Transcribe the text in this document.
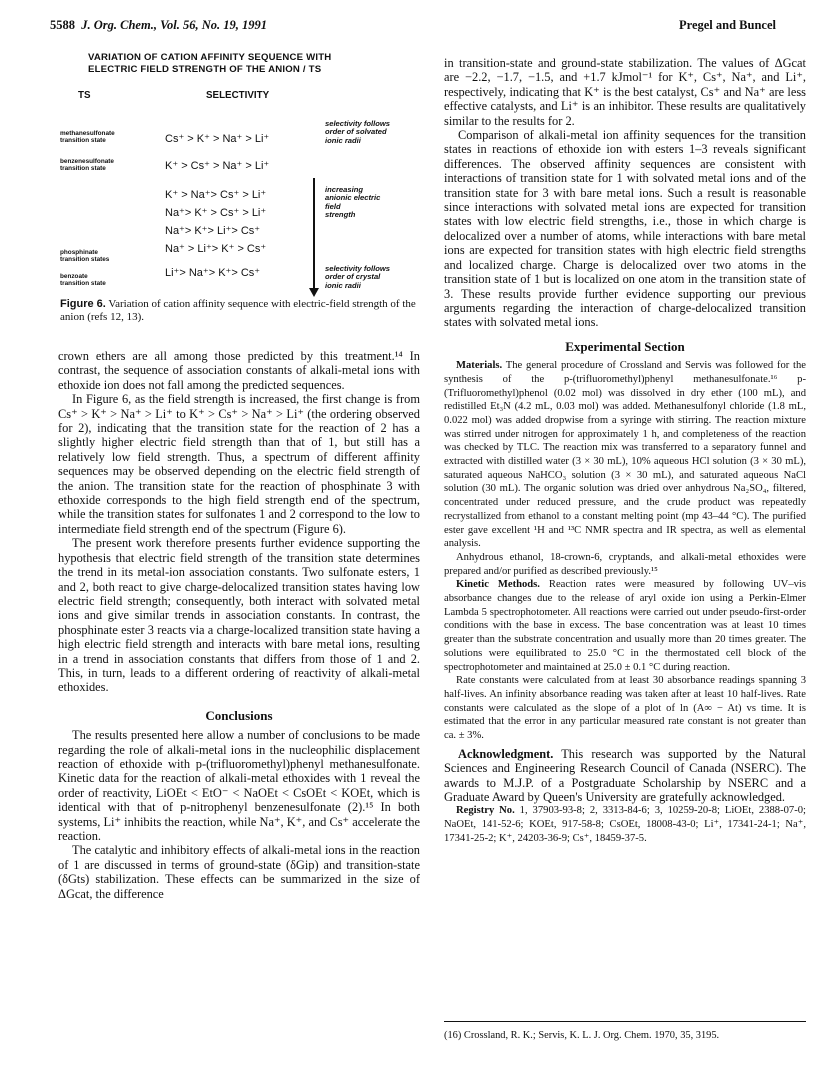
5588 J. Org. Chem., Vol. 56, No. 19, 1991	Pregel and Buncel
VARIATION OF CATION AFFINITY SEQUENCE WITH
ELECTRIC FIELD STRENGTH OF THE ANION / TS
TS	SELECTIVITY
methanesulfonate
transition state
benzenesulfonate
transition state
phosphinate
transition states
benzoate
transition state
Cs⁺ > K⁺ > Na⁺ > Li⁺
K⁺ > Cs⁺ > Na⁺ > Li⁺
K⁺ > Na⁺> Cs⁺ > Li⁺
Na⁺> K⁺ > Cs⁺ > Li⁺
Na⁺> K⁺> Li⁺> Cs⁺
Na⁺ > Li⁺> K⁺ > Cs⁺
Li⁺> Na⁺> K⁺> Cs⁺
selectivity follows
order of solvated
ionic radii
increasing
anionic electric
field
strength
selectivity follows
order of crystal
ionic radii
Figure 6. Variation of cation affinity sequence with electric-field strength of the anion (refs 12, 13).

crown ethers are all among those predicted by this treatment.¹⁴ In contrast, the sequence of association constants of alkali-metal ions with ethoxide ion does not fall among the predicted sequences.

In Figure 6, as the field strength is increased, the first change is from Cs⁺ > K⁺ > Na⁺ > Li⁺ to K⁺ > Cs⁺ > Na⁺ > Li⁺ (the ordering observed for 2), indicating that the transition state for the reaction of 2 has a slightly higher electric field strength than that of 1, but still has a relatively low field strength. Thus, a spectrum of different affinity sequences may be observed depending on the electric field strength of the anion. The transition state for the reaction of phosphinate 3 with ethoxide corresponds to the high field strength end of the spectrum, while the transition states for sulfonates 1 and 2 correspond to the low to intermediate field strength end of the spectrum (Figure 6).

The present work therefore presents further evidence supporting the hypothesis that electric field strength of the transition state determines the trend in its metal-ion association constants. Two sulfonate esters, 1 and 2, both react to give charge-delocalized transition states having low electric field strength; consequently, both interact with solvated metal ions and give similar trends in association constants. In contrast, the phosphinate ester 3 reacts via a charge-localized transition state having a high electric field strength and interacts with bare metal ions, resulting in a trend in association constants that differs from those of 1 and 2. This, in turn, leads to a different ordering of reactivity of alkali-metal ethoxides.

Conclusions

The results presented here allow a number of conclusions to be made regarding the role of alkali-metal ions in the nucleophilic displacement reaction of ethoxide with p-(trifluoromethyl)phenyl methanesulfonate. Kinetic data for the reaction of alkali-metal ethoxides with 1 reveal the order of reactivity, LiOEt < EtO⁻ < NaOEt < CsOEt < KOEt, which is identical with that of p-nitrophenyl benzenesulfonate (2).¹⁵ In both systems, Li⁺ inhibits the reaction, while Na⁺, K⁺, and Cs⁺ accelerate the reaction.

The catalytic and inhibitory effects of alkali-metal ions in the reaction of 1 are discussed in terms of ground-state (δGip) and transition-state (δGts) stabilization. These effects can be summarized in the size of ΔGcat, the difference

in transition-state and ground-state stabilization. The values of ΔGcat are −2.2, −1.7, −1.5, and +1.7 kJmol⁻¹ for K⁺, Cs⁺, Na⁺, and Li⁺, respectively, indicating that K⁺ is the best catalyst, Cs⁺ and Na⁺ are less effective catalysts, and Li⁺ is an inhibitor. These results are qualitatively similar to the results for 2.

Comparison of alkali-metal ion affinity sequences for the transition states in reactions of ethoxide ion with esters 1–3 reveals significant differences. The observed affinity sequences are consistent with interactions of transition state for 1 with solvated metal ions and of the transition state for 3 with bare metal ions. Such a result is reasonable since interactions with solvated metal ions are expected for transition states with low electric field strengths, i.e., those in which charge is delocalized over a number of atoms, while interactions with bare metal ions are expected for transition states with high electric field strengths and localized charge. Charge is delocalized over two atoms in the transition state of 1 but is localized on one atom in the transition state of 3. These results provide further evidence supporting our previous arguments regarding the interaction of charge-delocalized transition states with solvated metal ions.

Experimental Section

Materials. The general procedure of Crossland and Servis was followed for the synthesis of the p-(trifluoromethyl)phenyl methanesulfonate.¹⁶ p-(Trifluoromethyl)phenol (0.02 mol) was dissolved in dry ether (100 mL), and redistilled Et₃N (4.2 mL, 0.03 mol) was added. Methanesulfonyl chloride (1.8 mL, 0.022 mol) was added dropwise from a syringe with stirring. The reaction mixture was stirred under nitrogen for approximately 1 h, and completeness of the reaction was checked by TLC. The reaction mix was transferred to a separatory funnel and extracted with distilled water (3 × 30 mL), 10% aqueous HCl solution (3 × 30 mL), saturated aqueous NaHCO₃ solution (3 × 30 mL), and saturated aqueous NaCl solution (30 mL). The organic solution was dried over anhydrous Na₂SO₄, filtered, concentrated under reduced pressure, and the crude product was repeatedly recrystallized from ethanol to a constant melting point (mp 43–44 °C). The purified ester gave excellent ¹H and ¹³C NMR spectra and IR spectra, as well as elemental analysis.

Anhydrous ethanol, 18-crown-6, cryptands, and alkali-metal ethoxides were prepared and/or purified as described previously.¹⁵

Kinetic Methods. Reaction rates were measured by following UV–vis absorbance changes due to the release of aryl oxide ion using a Perkin-Elmer Lambda 5 spectrophotometer. All reactions were carried out under pseudo-first-order conditions with the base in excess. The base concentration was at least 10 times greater than the substrate concentration and usually more than 20 times greater. The solutions were equilibrated to 25.0 °C in the thermostated cell block of the spectrophotometer and maintained at 25.0 ± 0.1 °C during reaction.

Rate constants were calculated from at least 30 absorbance readings spanning 3 half-lives. An infinity absorbance reading was taken after at least 10 half-lives. Rate constants were calculated as the slope of a plot of ln (A∞ − At) vs time. It is estimated that the error in any particular measured rate constant is not greater than ca. ± 3%.

Acknowledgment. This research was supported by the Natural Sciences and Engineering Research Council of Canada (NSERC). The awards to M.J.P. of a Postgraduate Scholarship by NSERC and a Graduate Award by Queen's University are gratefully acknowledged.

Registry No. 1, 37903-93-8; 2, 3313-84-6; 3, 10259-20-8; LiOEt, 2388-07-0; NaOEt, 141-52-6; KOEt, 917-58-8; CsOEt, 18008-43-0; Li⁺, 17341-24-1; Na⁺, 17341-25-2; K⁺, 24203-36-9; Cs⁺, 18459-37-5.

(16) Crossland, R. K.; Servis, K. L. J. Org. Chem. 1970, 35, 3195.
